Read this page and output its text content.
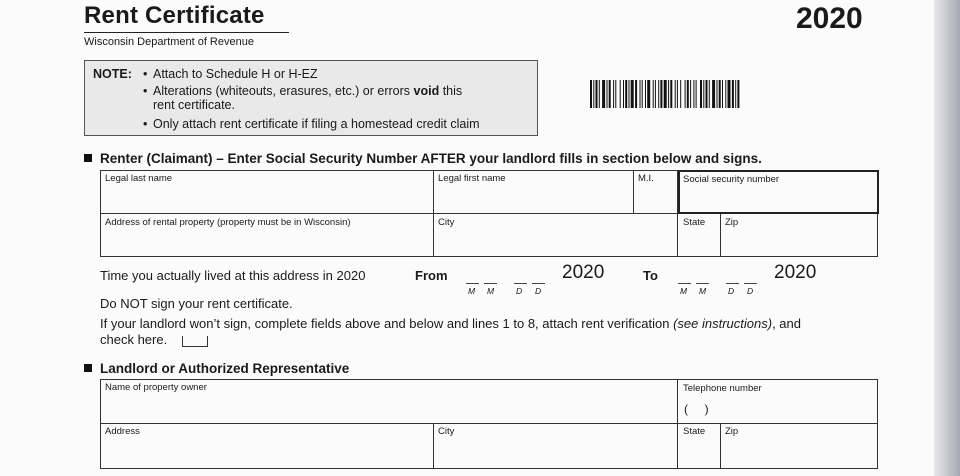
Rent Certificate
Wisconsin Department of Revenue
2020
NOTE: • Attach to Schedule H or H-EZ
• Alterations (whiteouts, erasures, etc.) or errors void this
rent certificate.
• Only attach rent certificate if filing a homestead credit claim
Renter (Claimant) – Enter Social Security Number AFTER your landlord fills in section below and signs.
Legal last name	Legal first name	M.I.	Social security number
Address of rental property (property must be in Wisconsin)	City	State Zip
Time you actually lived at this address in 2020	From
M M	D D
2020	To
M M	D D
2020
Do NOT sign your rent certificate.
If your landlord won’t sign, complete fields above and below and lines 1 to 8, attach rent verification (see instructions), and
check here.
Landlord or Authorized Representative
Name of property owner	Telephone number
(     )
Address	City	State Zip
